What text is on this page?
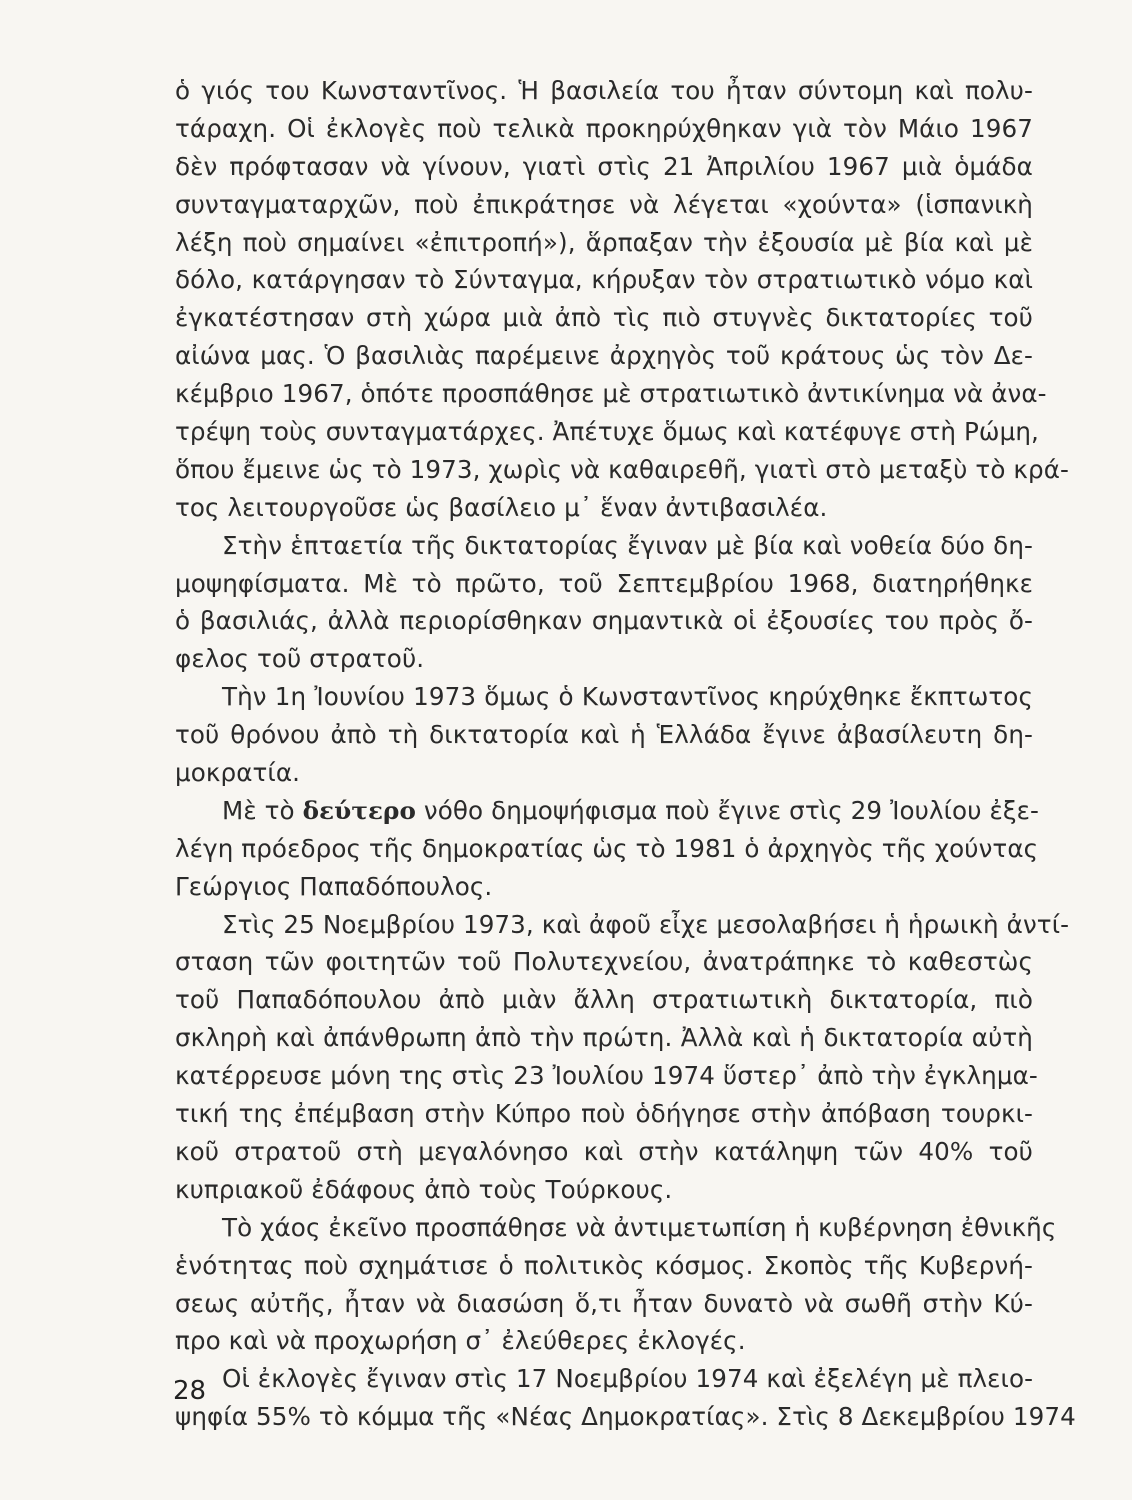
ὁ γιός του Κωνσταντῖνος. Ἡ βασιλεία του ἦταν σύντομη καὶ πολυ-
τάραχη. Οἱ ἐκλογὲς ποὺ τελικὰ προκηρύχθηκαν γιὰ τὸν Μάιο 1967
δὲν πρόφτασαν νὰ γίνουν, γιατὶ στὶς 21 Ἀπριλίου 1967 μιὰ ὁμάδα
συνταγματαρχῶν, ποὺ ἐπικράτησε νὰ λέγεται «χούντα» (ἱσπανικὴ
λέξη ποὺ σημαίνει «ἐπιτροπή»), ἅρπαξαν τὴν ἐξουσία μὲ βία καὶ μὲ
δόλο, κατάργησαν τὸ Σύνταγμα, κήρυξαν τὸν στρατιωτικὸ νόμο καὶ
ἐγκατέστησαν στὴ χώρα μιὰ ἀπὸ τὶς πιὸ στυγνὲς δικτατορίες τοῦ
αἰώνα μας. Ὁ βασιλιὰς παρέμεινε ἀρχηγὸς τοῦ κράτους ὡς τὸν Δε-
κέμβριο 1967, ὁπότε προσπάθησε μὲ στρατιωτικὸ ἀντικίνημα νὰ ἀνα-
τρέψη τοὺς συνταγματάρχες. Ἀπέτυχε ὅμως καὶ κατέφυγε στὴ Ρώμη,
ὅπου ἔμεινε ὡς τὸ 1973, χωρὶς νὰ καθαιρεθῆ, γιατὶ στὸ μεταξὺ τὸ κρά-
τος λειτουργοῦσε ὡς βασίλειο μ᾽ ἕναν ἀντιβασιλέα.
Στὴν ἑπταετία τῆς δικτατορίας ἔγιναν μὲ βία καὶ νοθεία δύο δη-
μοψηφίσματα. Μὲ τὸ πρῶτο, τοῦ Σεπτεμβρίου 1968, διατηρήθηκε
ὁ βασιλιάς, ἀλλὰ περιορίσθηκαν σημαντικὰ οἱ ἐξουσίες του πρὸς ὄ-
φελος τοῦ στρατοῦ.
Τὴν 1η Ἰουνίου 1973 ὅμως ὁ Κωνσταντῖνος κηρύχθηκε ἔκπτωτος
τοῦ θρόνου ἀπὸ τὴ δικτατορία καὶ ἡ Ἑλλάδα ἔγινε ἀβασίλευτη δη-
μοκρατία.
Μὲ τὸ δεύτερο νόθο δημοψήφισμα ποὺ ἔγινε στὶς 29 Ἰουλίου ἐξε-
λέγη πρόεδρος τῆς δημοκρατίας ὡς τὸ 1981 ὁ ἀρχηγὸς τῆς χούντας
Γεώργιος Παπαδόπουλος.
Στὶς 25 Νοεμβρίου 1973, καὶ ἀφοῦ εἶχε μεσολαβήσει ἡ ἡρωικὴ ἀντί-
σταση τῶν φοιτητῶν τοῦ Πολυτεχνείου, ἀνατράπηκε τὸ καθεστὼς
τοῦ Παπαδόπουλου ἀπὸ μιὰν ἄλλη στρατιωτικὴ δικτατορία, πιὸ
σκληρὴ καὶ ἀπάνθρωπη ἀπὸ τὴν πρώτη. Ἀλλὰ καὶ ἡ δικτατορία αὐτὴ
κατέρρευσε μόνη της στὶς 23 Ἰουλίου 1974 ὕστερ᾽ ἀπὸ τὴν ἐγκλημα-
τική της ἐπέμβαση στὴν Κύπρο ποὺ ὁδήγησε στὴν ἀπόβαση τουρκι-
κοῦ στρατοῦ στὴ μεγαλόνησο καὶ στὴν κατάληψη τῶν 40% τοῦ
κυπριακοῦ ἐδάφους ἀπὸ τοὺς Τούρκους.
Τὸ χάος ἐκεῖνο προσπάθησε νὰ ἀντιμετωπίση ἡ κυβέρνηση ἐθνικῆς
ἑνότητας ποὺ σχημάτισε ὁ πολιτικὸς κόσμος. Σκοπὸς τῆς Κυβερνή-
σεως αὐτῆς, ἦταν νὰ διασώση ὅ,τι ἦταν δυνατὸ νὰ σωθῆ στὴν Κύ-
προ καὶ νὰ προχωρήση σ᾽ ἐλεύθερες ἐκλογές.
Οἱ ἐκλογὲς ἔγιναν στὶς 17 Νοεμβρίου 1974 καὶ ἐξελέγη μὲ πλειο-
ψηφία 55% τὸ κόμμα τῆς «Νέας Δημοκρατίας». Στὶς 8 Δεκεμβρίου 1974
28
